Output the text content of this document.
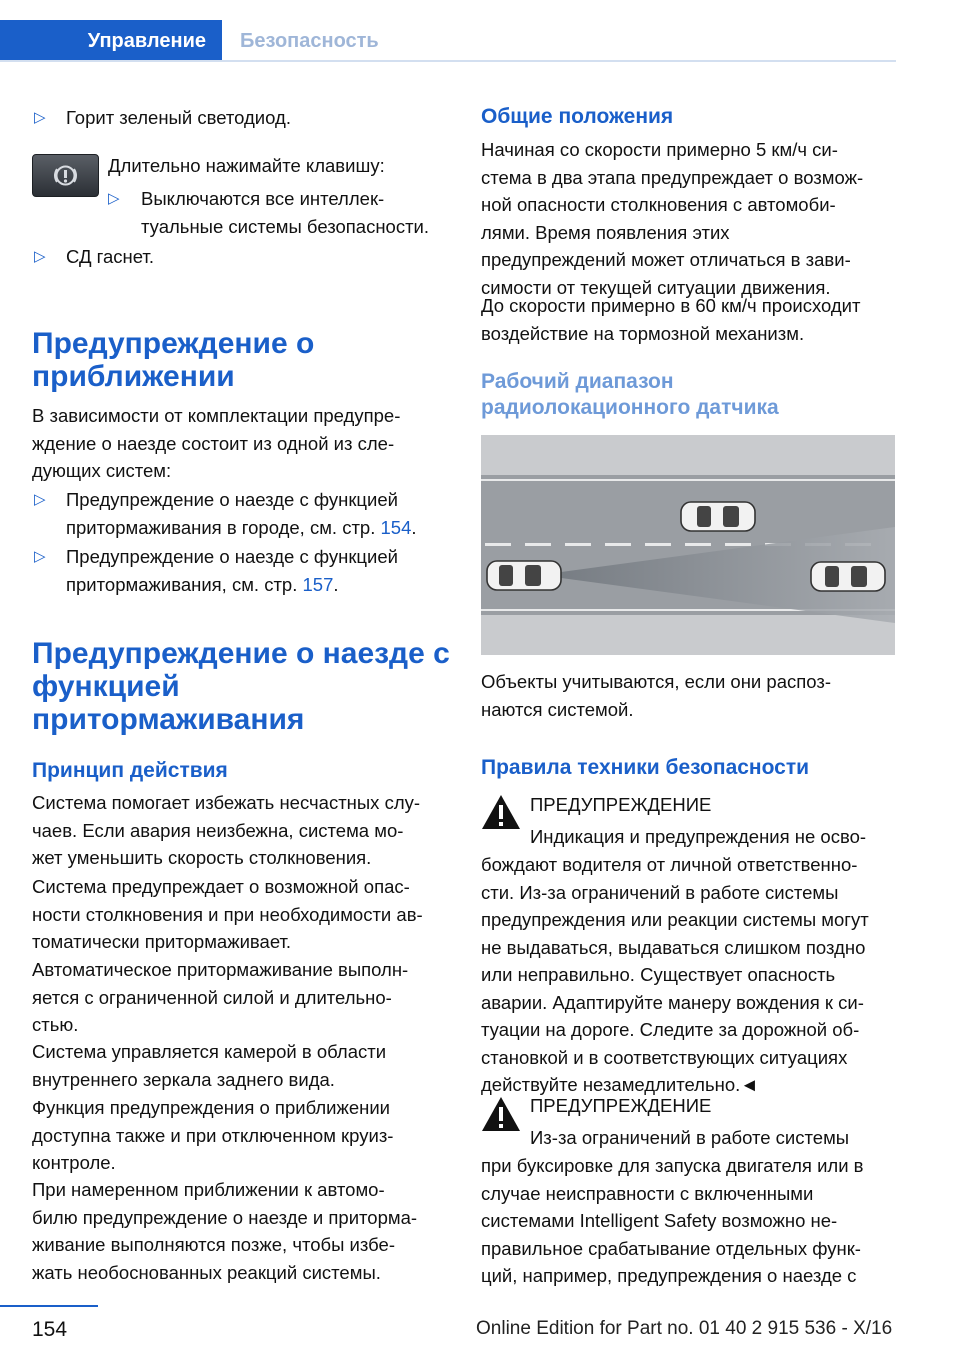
Управление Безопасность
▷ Горит зеленый светодиод.

Длительно нажимайте клавишу:

▷ Выключаются все интеллек-
туальные системы безопасности.

▷ СД гаснет.

Предупреждение о
приближении

В зависимости от комплектации предупре-
ждение о наезде состоит из одной из сле-
дующих систем:

▷ Предупреждение о наезде с функцией
притормаживания в городе, см. стр. 154.

▷ Предупреждение о наезде с функцией
притормаживания, см. стр. 157.

Предупреждение о наезде с
функцией
притормаживания
Принцип действия

Система помогает избежать несчастных слу-
чаев. Если авария неизбежна, система мо-
жет уменьшить скорость столкновения.

Система предупреждает о возможной опас-
ности столкновения и при необходимости ав-
томатически притормаживает.

Автоматическое притормаживание выполн-
яется с ограниченной силой и длительно-
стью.

Система управляется камерой в области
внутреннего зеркала заднего вида.

Функция предупреждения о приближении
доступна также и при отключенном круиз-
контроле.

При намеренном приближении к автомо-
билю предупреждение о наезде и притормa-
живание выполняются позже, чтобы избе-
жать необоснованных реакций системы.

Общие положения

Начиная со скорости примерно 5 км/ч си-
стема в два этапа предупреждает о возмож-
ной опасности столкновения с автомоби-
лями. Время появления этих
предупреждений может отличаться в зави-
симости от текущей ситуации движения.

До скорости примерно в 60 км/ч происходит
воздействие на тормозной механизм.

Рабочий диапазон
радиолокационного датчика

Объекты учитываются, если они распоз-
наются системой.

Правила техники безопасности

ПРЕДУПРЕЖДЕНИЕ

Индикация и предупреждения не осво-

бождают водителя от личной ответственно-
сти. Из-за ограничений в работе системы
предупреждения или реакции системы могут
не выдаваться, выдаваться слишком поздно
или неправильно. Существует опасность
аварии. Адаптируйте манеру вождения к си-
туации на дороге. Следите за дорожной об-
становкой и в соответствующих ситуациях
действуйте незамедлительно.◄

ПРЕДУПРЕЖДЕНИЕ

Из-за ограничений в работе системы

при буксировке для запуска двигателя или в
случае неисправности с включенными
системами Intelligent Safety возможно не-
правильное срабатывание отдельных функ-
ций, например, предупреждения о наезде с

154	Online Edition for Part no. 01 40 2 915 536 - X/16
